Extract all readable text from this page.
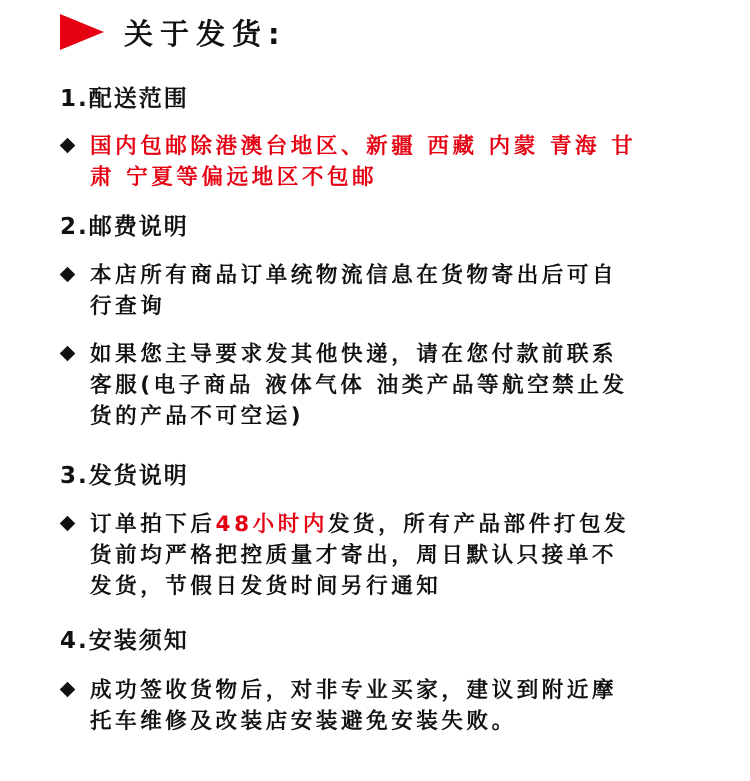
关于发货:
1.配送范围
国内包邮除港澳台地区、新疆 西藏 内蒙 青海 甘
肃 宁夏等偏远地区不包邮
2.邮费说明
本店所有商品订单统物流信息在货物寄出后可自
行查询
如果您主导要求发其他快递，请在您付款前联系
客服(电子商品 液体气体 油类产品等航空禁止发
货的产品不可空运)
3.发货说明
订单拍下后48小时内发货，所有产品部件打包发
货前均严格把控质量才寄出，周日默认只接单不
发货，节假日发货时间另行通知
4.安装须知
成功签收货物后，对非专业买家，建议到附近摩
托车维修及改装店安装避免安装失败。
